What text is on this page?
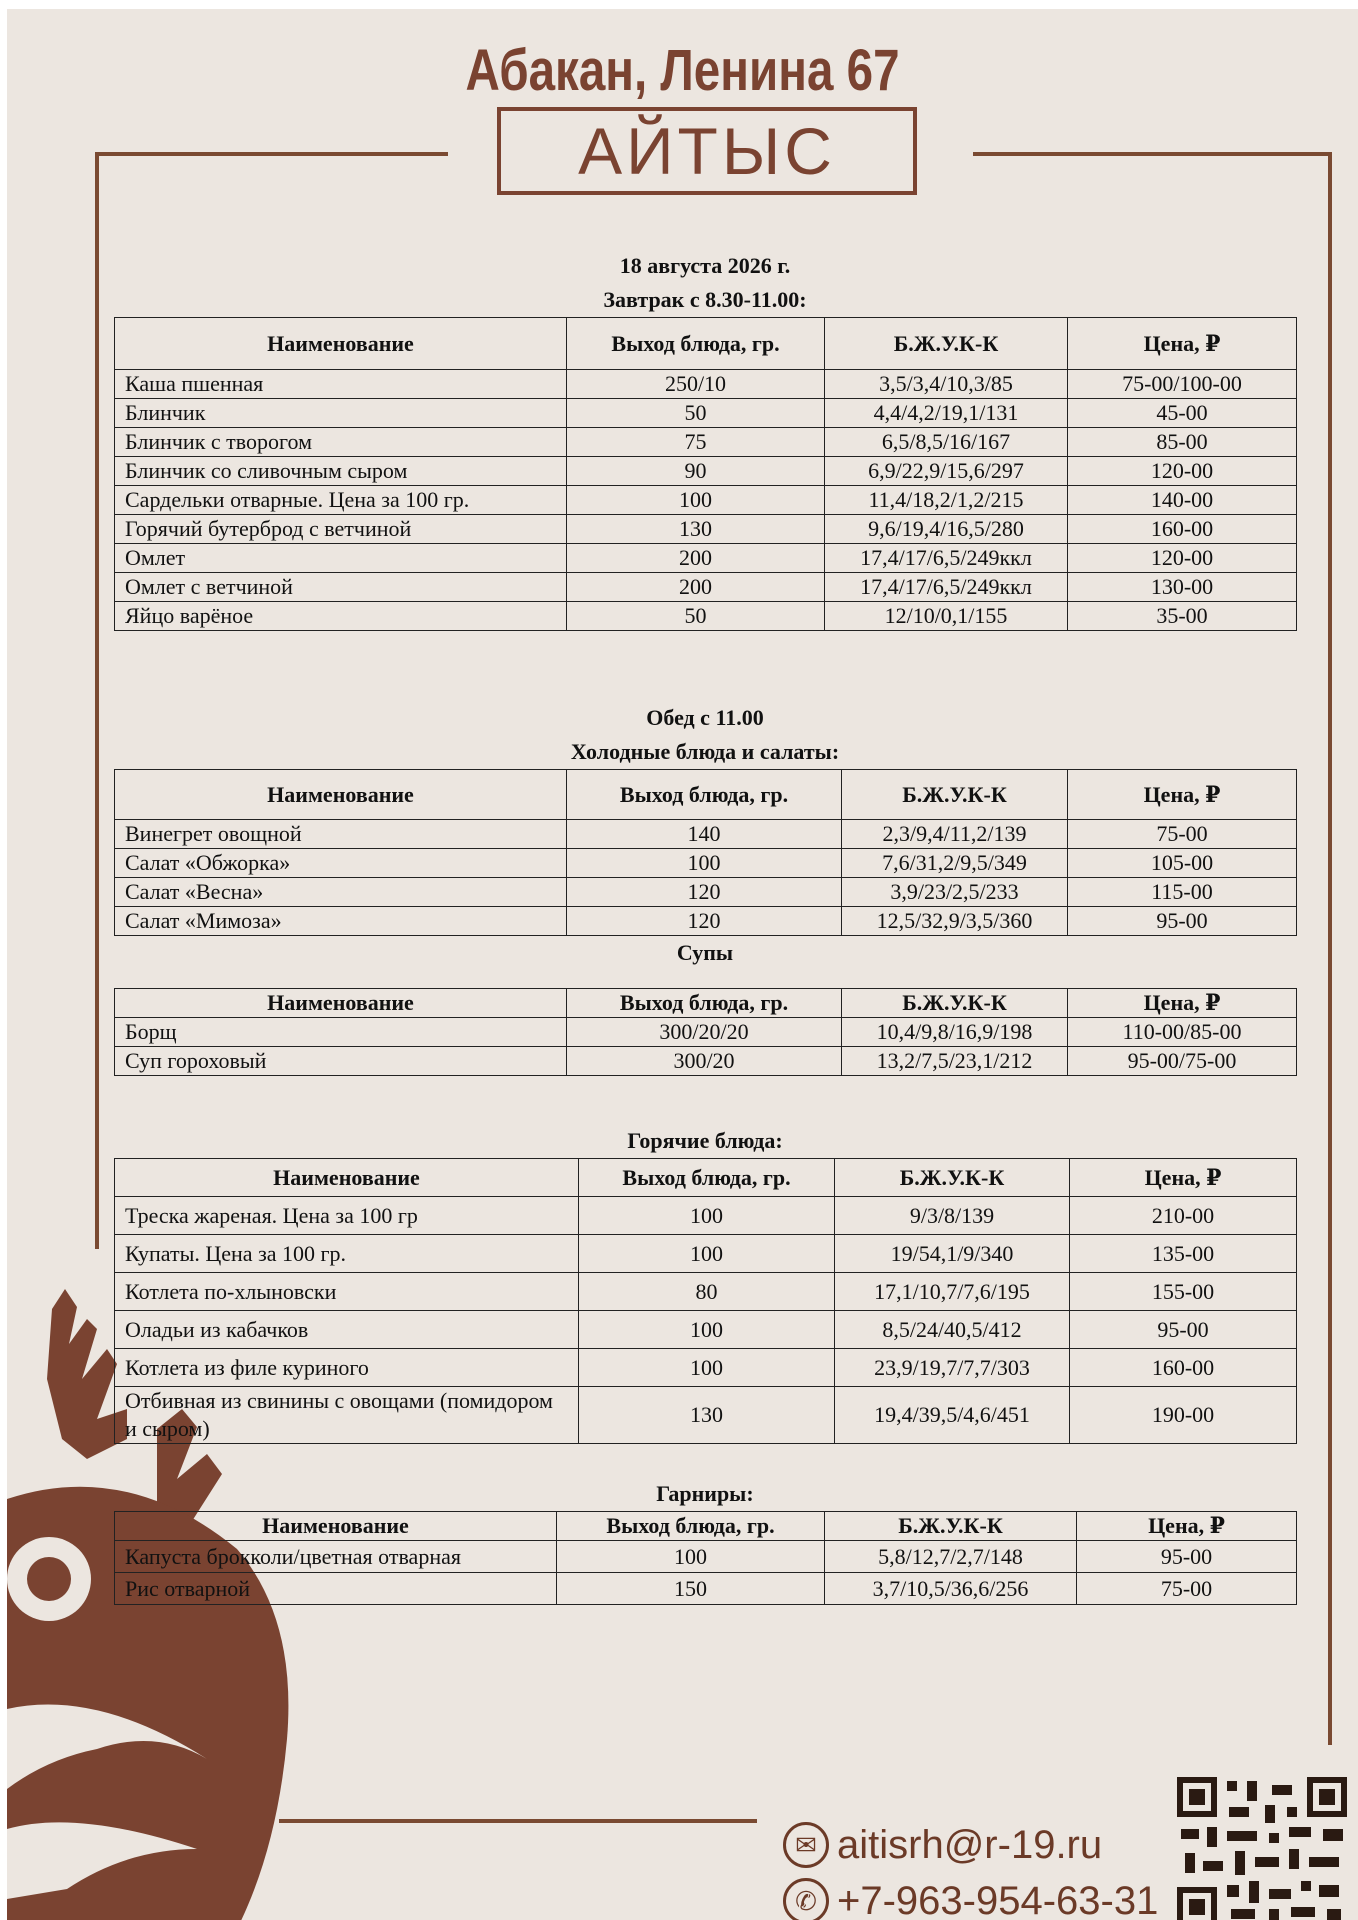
Абакан, Ленина 67
АЙТЫС
18 августа 2026 г.
Завтрак с 8.30-11.00:
Наименование	Выход блюда, гр.	Б.Ж.У.К-К	Цена, ₽
Каша пшенная	250/10	3,5/3,4/10,3/85	75-00/100-00
Блинчик	50	4,4/4,2/19,1/131	45-00
Блинчик с творогом	75	6,5/8,5/16/167	85-00
Блинчик со сливочным сыром	90	6,9/22,9/15,6/297	120-00
Сардельки отварные. Цена за 100 гр.	100	11,4/18,2/1,2/215	140-00
Горячий бутерброд с ветчиной	130	9,6/19,4/16,5/280	160-00
Омлет	200	17,4/17/6,5/249ккл	120-00
Омлет с ветчиной	200	17,4/17/6,5/249ккл	130-00
Яйцо варёное	50	12/10/0,1/155	35-00
Обед с 11.00
Холодные блюда и салаты:
Наименование	Выход блюда, гр.	Б.Ж.У.К-К	Цена, ₽
Винегрет овощной	140	2,3/9,4/11,2/139	75-00
Салат «Обжорка»	100	7,6/31,2/9,5/349	105-00
Салат «Весна»	120	3,9/23/2,5/233	115-00
Салат «Мимоза»	120	12,5/32,9/3,5/360	95-00
Супы
Наименование	Выход блюда, гр.	Б.Ж.У.К-К	Цена, ₽
Борщ	300/20/20	10,4/9,8/16,9/198	110-00/85-00
Суп гороховый	300/20	13,2/7,5/23,1/212	95-00/75-00
Горячие блюда:
Наименование	Выход блюда, гр.	Б.Ж.У.К-К	Цена, ₽
Треска жареная. Цена за 100 гр	100	9/3/8/139	210-00
Купаты. Цена за 100 гр.	100	19/54,1/9/340	135-00
Котлета по-хлыновски	80	17,1/10,7/7,6/195	155-00
Оладьи из кабачков	100	8,5/24/40,5/412	95-00
Котлета из филе куриного	100	23,9/19,7/7,7/303	160-00
Отбивная из свинины с овощами (помидором и сыром)	130	19,4/39,5/4,6/451	190-00
Гарниры:
Наименование	Выход блюда, гр.	Б.Ж.У.К-К	Цена, ₽
Капуста брокколи/цветная отварная	100	5,8/12,7/2,7/148	95-00
Рис отварной	150	3,7/10,5/36,6/256	75-00
✉ aitisrh@r-19.ru
✆ +7-963-954-63-31
